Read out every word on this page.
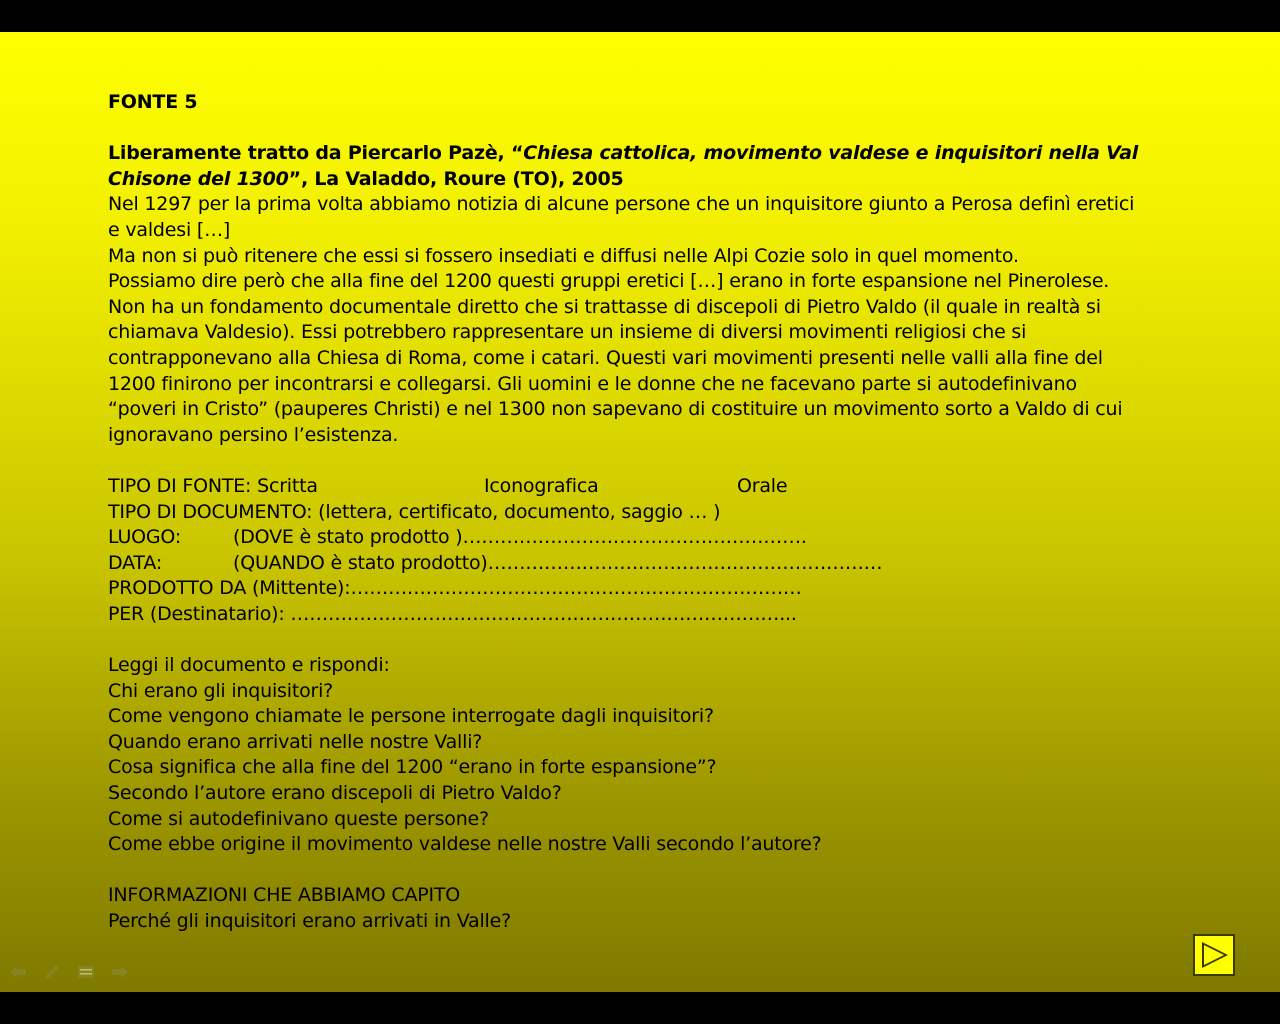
FONTE 5
Liberamente tratto da Piercarlo Pazè, “Chiesa cattolica, movimento valdese e inquisitori nella Val
Chisone del 1300”, La Valaddo, Roure (TO), 2005
Nel 1297 per la prima volta abbiamo notizia di alcune persone che un inquisitore giunto a Perosa definì eretici
e valdesi […]
Ma non si può ritenere che essi si fossero insediati e diffusi nelle Alpi Cozie solo in quel momento.
Possiamo dire però che alla fine del 1200 questi gruppi eretici […] erano in forte espansione nel Pinerolese.
Non ha un fondamento documentale diretto che si trattasse di discepoli di Pietro Valdo (il quale in realtà si
chiamava Valdesio). Essi potrebbero rappresentare un insieme di diversi movimenti religiosi che si
contrapponevano alla Chiesa di Roma, come i catari. Questi vari movimenti presenti nelle valli alla fine del
1200 finirono per incontrarsi e collegarsi. Gli uomini e le donne che ne facevano parte si autodefinivano
“poveri in Cristo” (pauperes Christi) e nel 1300 non sapevano di costituire un movimento sorto a Valdo di cui
ignoravano persino l’esistenza.
TIPO DI FONTE: Scritta	Iconografica	Orale
TIPO DI DOCUMENTO: (lettera, certificato, documento, saggio … )
LUOGO:	(DOVE è stato prodotto )……………………………………………….
DATA:	(QUANDO è stato prodotto)………………………………………………………
PRODOTTO DA (Mittente):………………………………………………………………
PER (Destinatario): ……………………………………………………………………...
Leggi il documento e rispondi:
Chi erano gli inquisitori?
Come vengono chiamate le persone interrogate dagli inquisitori?
Quando erano arrivati nelle nostre Valli?
Cosa significa che alla fine del 1200 “erano in forte espansione”?
Secondo l’autore erano discepoli di Pietro Valdo?
Come si autodefinivano queste persone?
Come ebbe origine il movimento valdese nelle nostre Valli secondo l’autore?
INFORMAZIONI CHE ABBIAMO CAPITO
Perché gli inquisitori erano arrivati in Valle?
